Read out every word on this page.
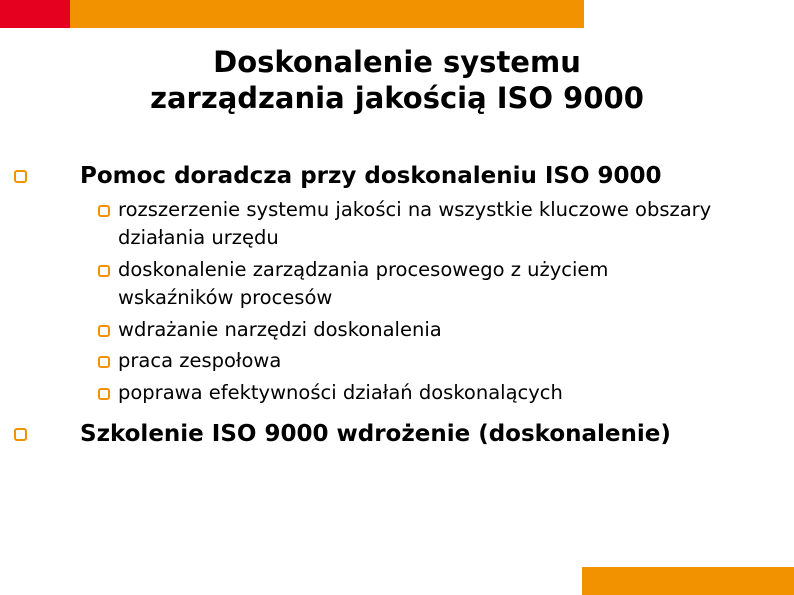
Doskonalenie systemu
zarządzania jakością ISO 9000
Pomoc doradcza przy doskonaleniu ISO 9000
rozszerzenie systemu jakości na wszystkie kluczowe obszary
działania urzędu
doskonalenie zarządzania procesowego z użyciem
wskaźników procesów
wdrażanie narzędzi doskonalenia
praca zespołowa
poprawa efektywności działań doskonalących
Szkolenie ISO 9000 wdrożenie (doskonalenie)
